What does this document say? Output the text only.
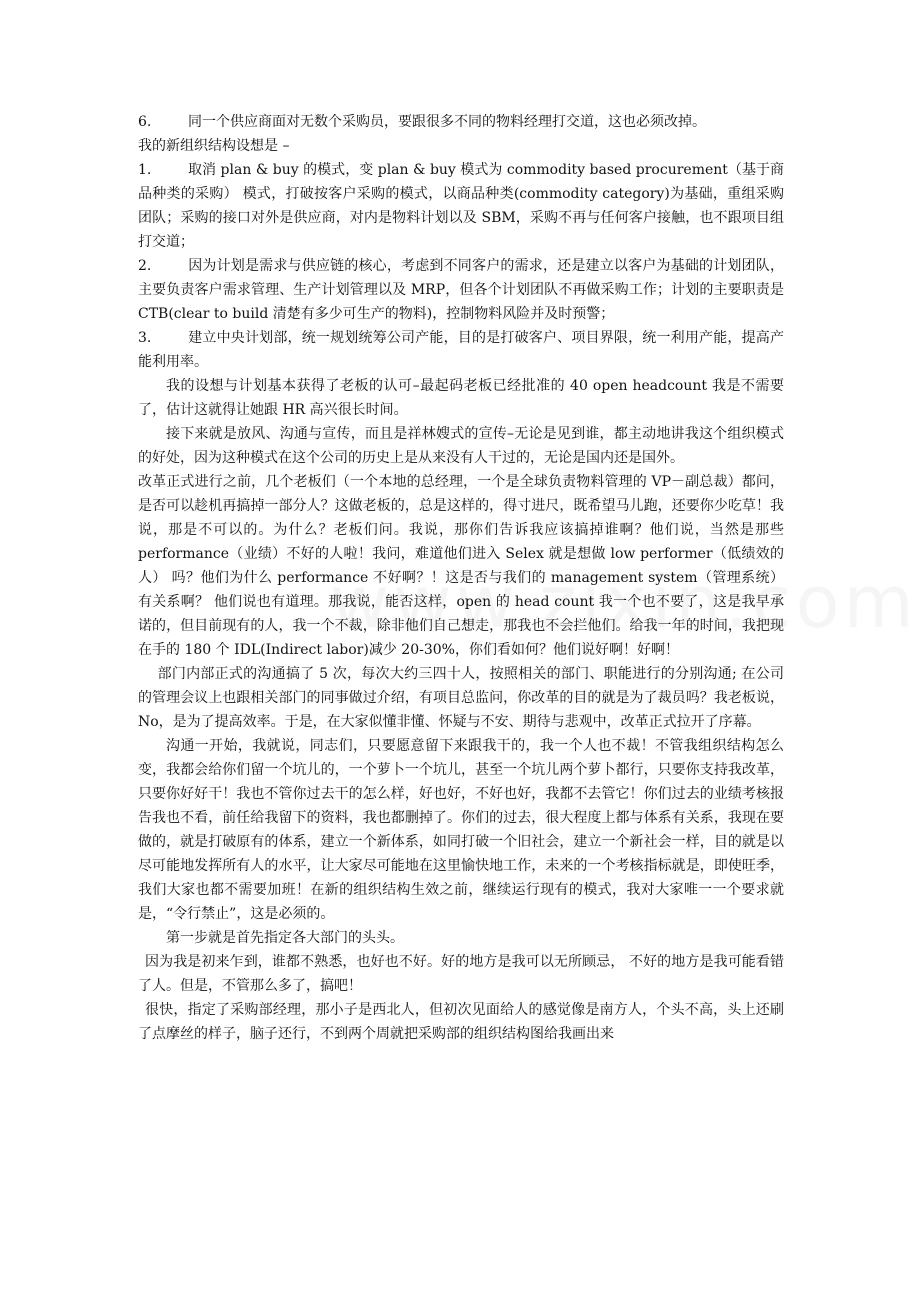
6.	同一个供应商面对无数个采购员，要跟很多不同的物料经理打交道，这也必须改掉。

我的新组织结构设想是 –

1.	取消 plan & buy 的模式，变 plan & buy 模式为 commodity based procurement（基于商品种类的采购） 模式，打破按客户采购的模式，以商品种类(commodity category)为基础，重组采购团队；采购的接口对外是供应商，对内是物料计划以及 SBM，采购不再与任何客户接触，也不跟项目组打交道；

2.	因为计划是需求与供应链的核心，考虑到不同客户的需求，还是建立以客户为基础的计划团队，主要负责客户需求管理、生产计划管理以及 MRP，但各个计划团队不再做采购工作；计划的主要职责是 CTB(clear to build 清楚有多少可生产的物料)，控制物料风险并及时预警；

3.	建立中央计划部，统一规划统筹公司产能，目的是打破客户、项目界限，统一利用产能，提高产能利用率。

我的设想与计划基本获得了老板的认可–最起码老板已经批准的 40 open headcount 我是不需要了，估计这就得让她跟 HR 高兴很长时间。

接下来就是放风、沟通与宣传，而且是祥林嫂式的宣传–无论是见到谁，都主动地讲我这个组织模式的好处，因为这种模式在这个公司的历史上是从来没有人干过的，无论是国内还是国外。

改革正式进行之前，几个老板们（一个本地的总经理，一个是全球负责物料管理的 VP－副总裁）都问，是否可以趁机再搞掉一部分人？这做老板的，总是这样的，得寸进尺，既希望马儿跑，还要你少吃草！我说，那是不可以的。为什么？老板们问。我说，那你们告诉我应该搞掉谁啊？他们说，当然是那些 performance（业绩）不好的人啦！我问，难道他们进入 Selex 就是想做 low performer（低绩效的人） 吗？他们为什么 performance 不好啊？！这是否与我们的 management system（管理系统）有关系啊？ 他们说也有道理。那我说，能否这样，open 的 head count 我一个也不要了，这是我早承诺的，但目前现有的人，我一个不裁，除非他们自己想走，那我也不会拦他们。给我一年的时间，我把现在手的 180 个 IDL(Indirect labor)减少 20-30%，你们看如何？他们说好啊！好啊！

部门内部正式的沟通搞了 5 次，每次大约三四十人，按照相关的部门、职能进行的分别沟通; 在公司的管理会议上也跟相关部门的同事做过介绍，有项目总监问，你改革的目的就是为了裁员吗？我老板说，No，是为了提高效率。于是，在大家似懂非懂、怀疑与不安、期待与悲观中，改革正式拉开了序幕。

沟通一开始，我就说，同志们，只要愿意留下来跟我干的，我一个人也不裁！不管我组织结构怎么变，我都会给你们留一个坑儿的，一个萝卜一个坑儿，甚至一个坑儿两个萝卜都行，只要你支持我改革，只要你好好干！我也不管你过去干的怎么样，好也好，不好也好，我都不去管它！你们过去的业绩考核报告我也不看，前任给我留下的资料，我也都删掉了。你们的过去，很大程度上都与体系有关系，我现在要做的，就是打破原有的体系，建立一个新体系，如同打破一个旧社会，建立一个新社会一样，目的就是以尽可能地发挥所有人的水平，让大家尽可能地在这里愉快地工作，未来的一个考核指标就是，即使旺季，我们大家也都不需要加班！在新的组织结构生效之前，继续运行现有的模式，我对大家唯一一个要求就是，“令行禁止”，这是必须的。

第一步就是首先指定各大部门的头头。

因为我是初来乍到，谁都不熟悉，也好也不好。好的地方是我可以无所顾忌， 不好的地方是我可能看错了人。但是，不管那么多了，搞吧！

很快，指定了采购部经理，那小子是西北人，但初次见面给人的感觉像是南方人，个头不高，头上还刷了点摩丝的样子，脑子还行，不到两个周就把采购部的组织结构图给我画出来
